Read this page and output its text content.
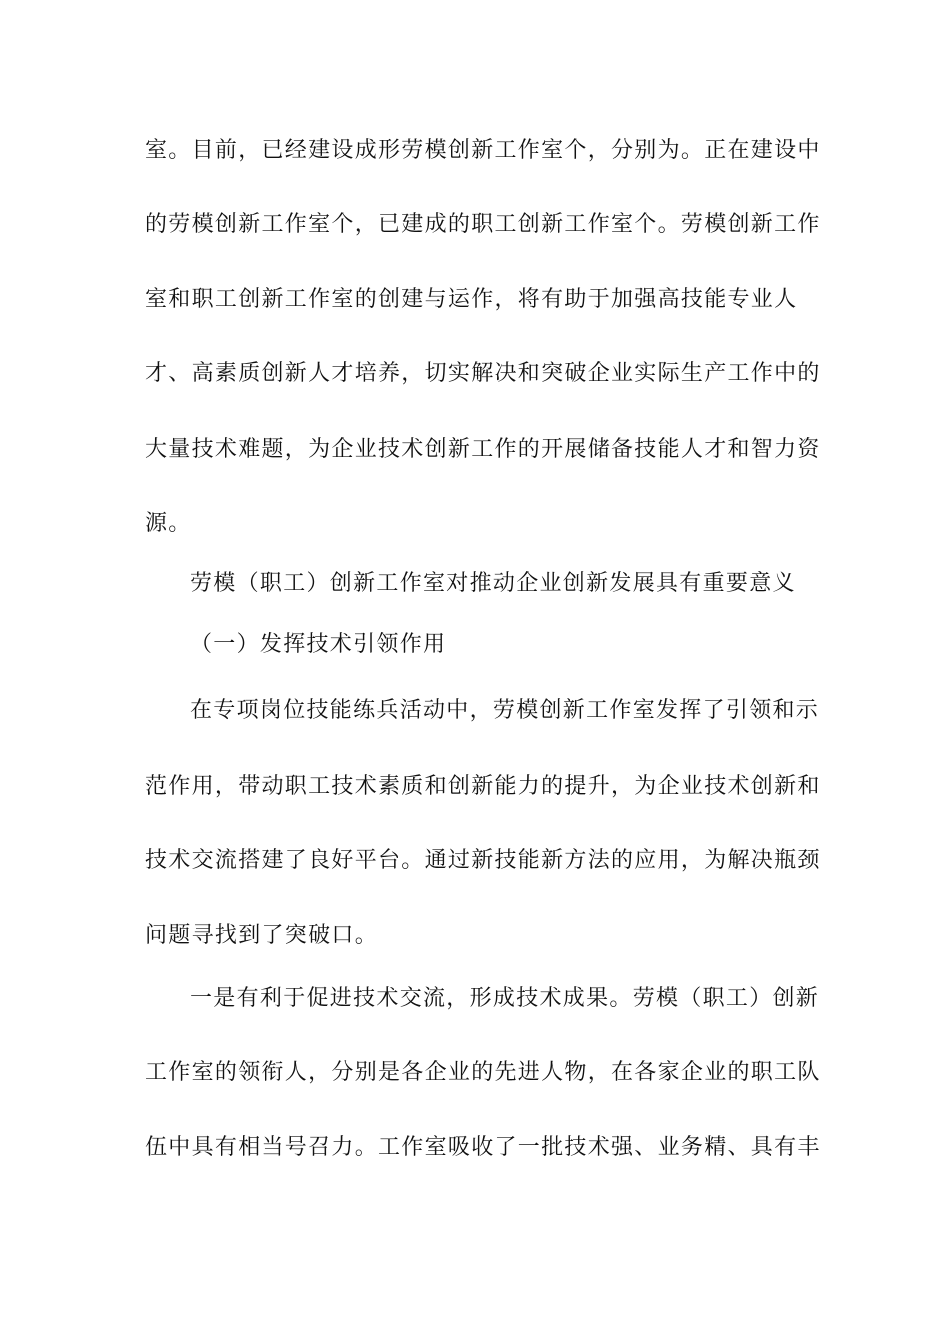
室。目前，已经建设成形劳模创新工作室个，分别为。正在建设中
的劳模创新工作室个，已建成的职工创新工作室个。劳模创新工作
室和职工创新工作室的创建与运作，将有助于加强高技能专业人
才、高素质创新人才培养，切实解决和突破企业实际生产工作中的
大量技术难题，为企业技术创新工作的开展储备技能人才和智力资
源。
劳模（职工）创新工作室对推动企业创新发展具有重要意义
（一）发挥技术引领作用
在专项岗位技能练兵活动中，劳模创新工作室发挥了引领和示
范作用，带动职工技术素质和创新能力的提升，为企业技术创新和
技术交流搭建了良好平台。通过新技能新方法的应用，为解决瓶颈
问题寻找到了突破口。
一是有利于促进技术交流，形成技术成果。劳模（职工）创新
工作室的领衔人，分别是各企业的先进人物，在各家企业的职工队
伍中具有相当号召力。工作室吸收了一批技术强、业务精、具有丰
